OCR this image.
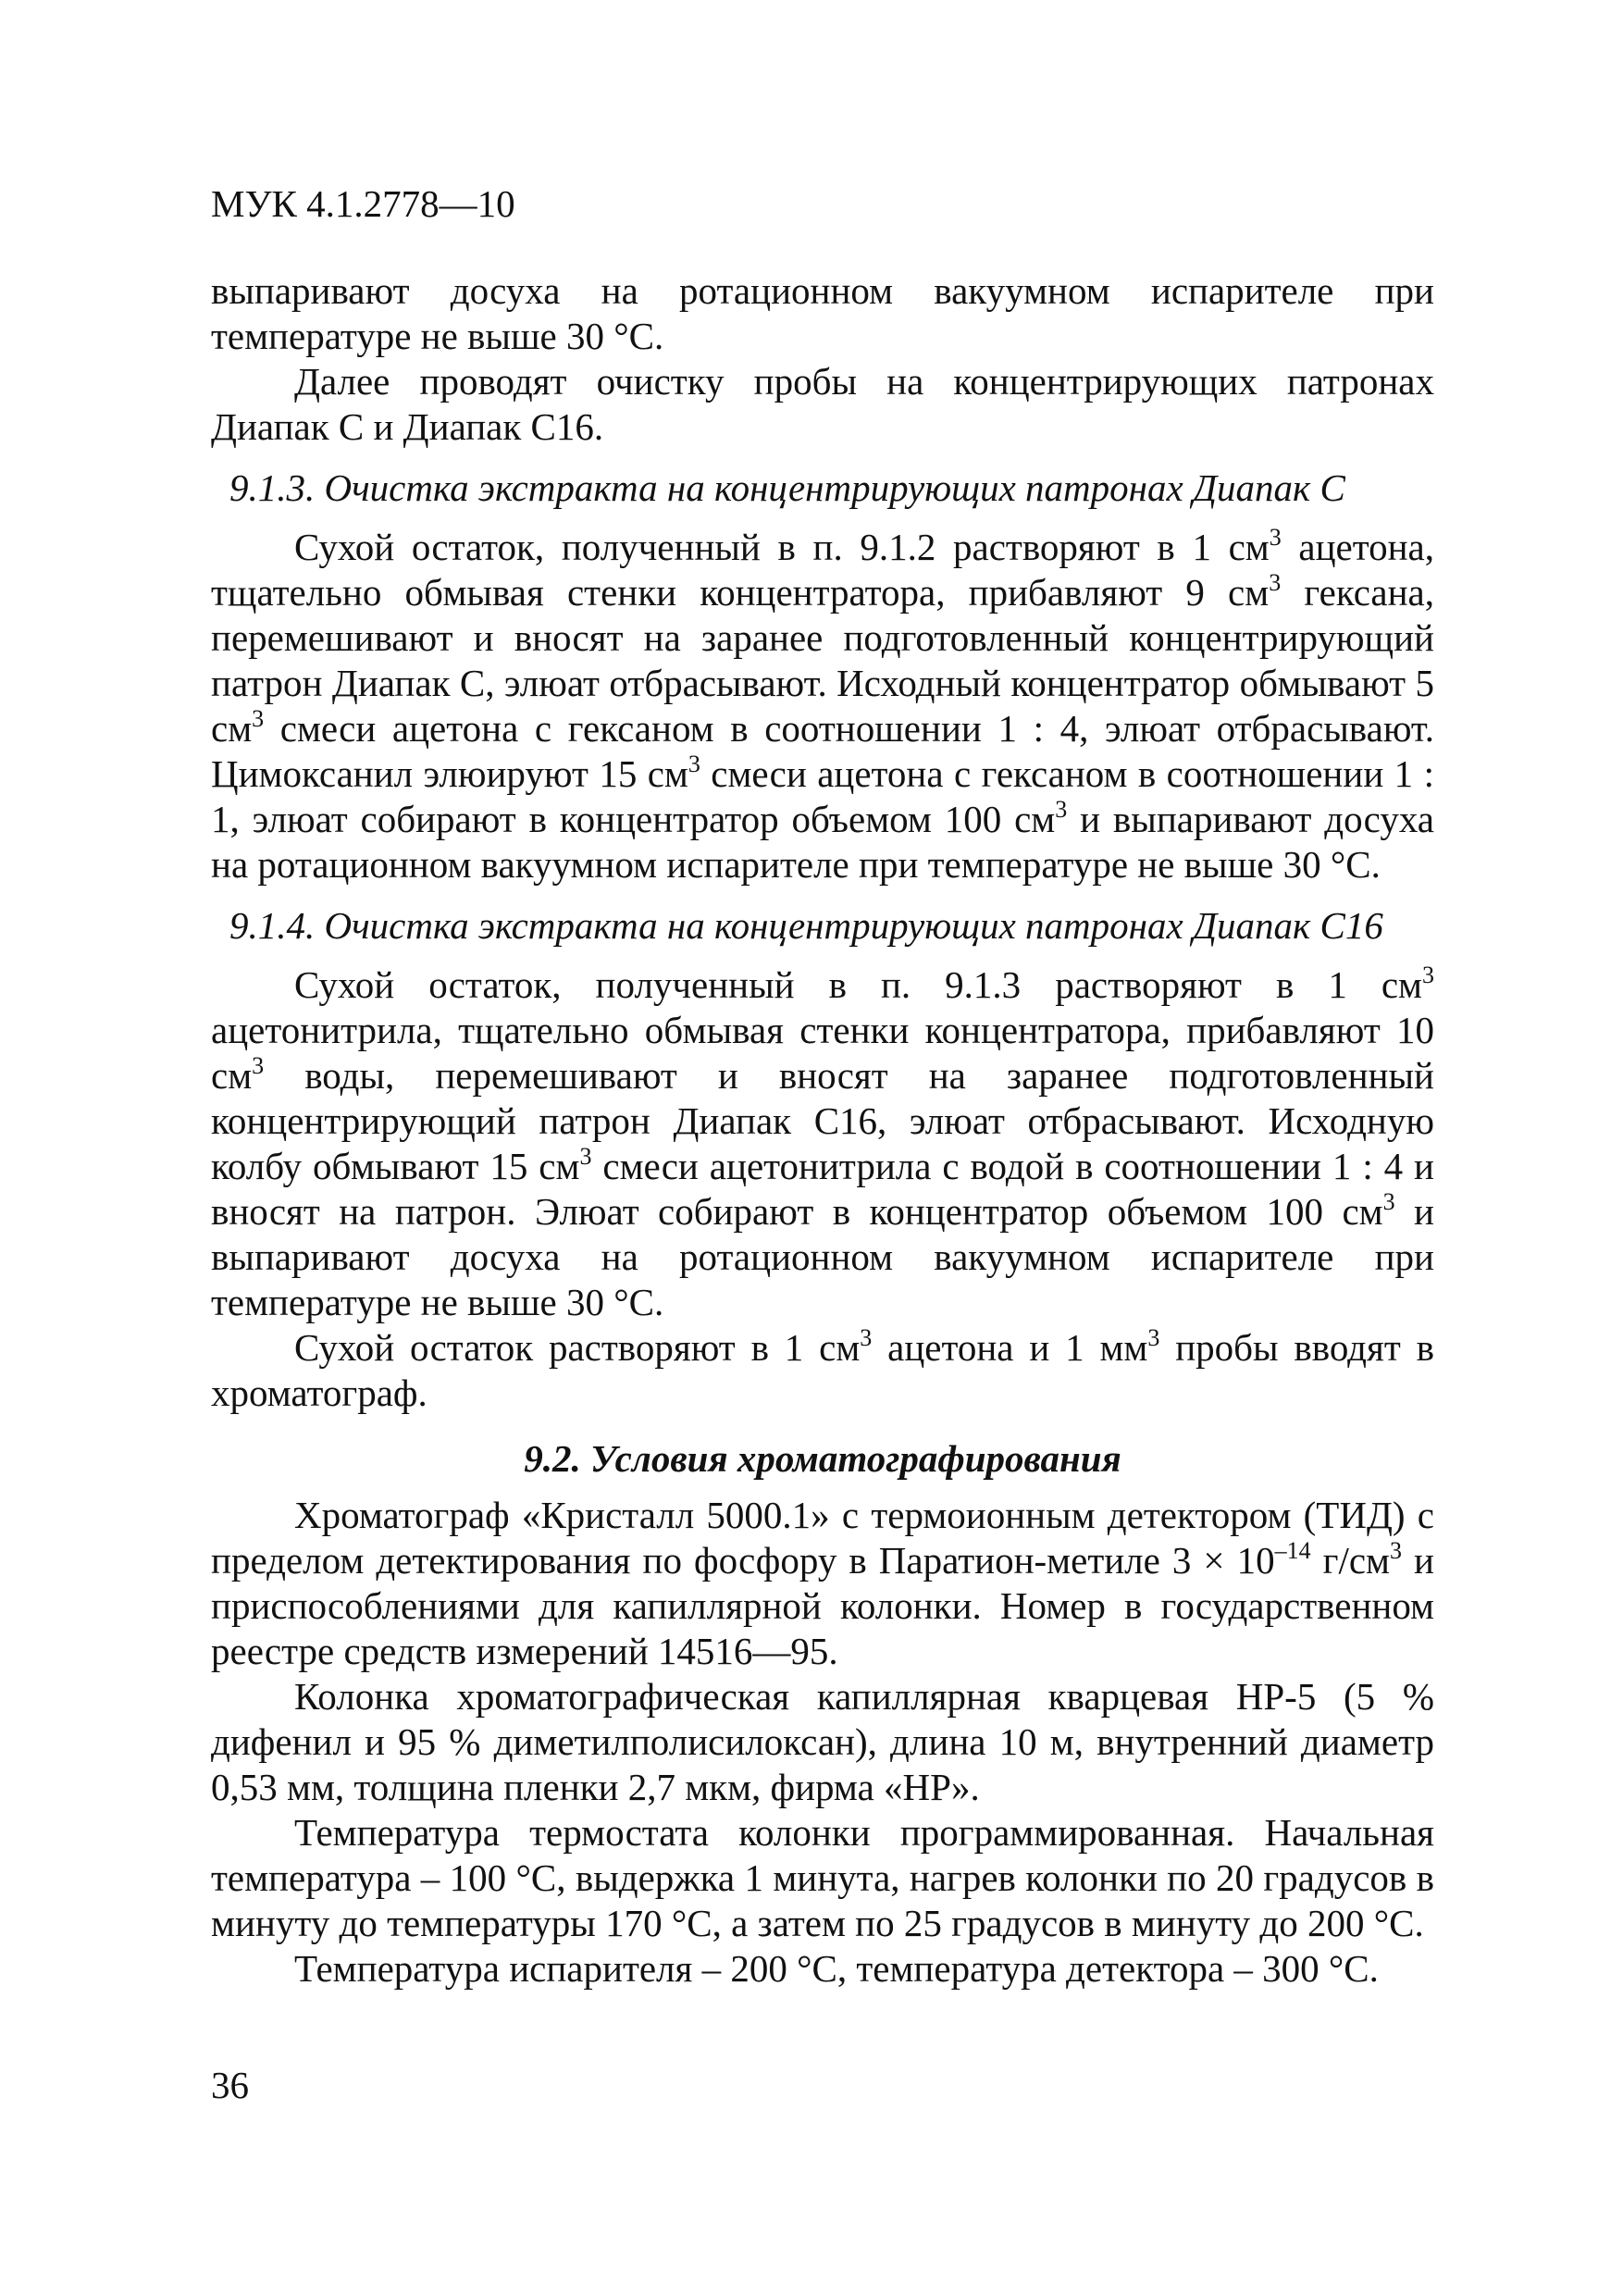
МУК 4.1.2778—10

выпаривают досуха на ротационном вакуумном испарителе при температуре не выше 30 °С.

Далее проводят очистку пробы на концентрирующих патронах Диапак С и Диапак С16.

9.1.3. Очистка экстракта на концентрирующих патронах Диапак С

Сухой остаток, полученный в п. 9.1.2 растворяют в 1 $см^3$ ацетона, тщательно обмывая стенки концентратора, прибавляют 9 $см^3$ гексана, перемешивают и вносят на заранее подготовленный концентрирующий патрон Диапак С, элюат отбрасывают. Исходный концентратор обмывают 5 $см^3$ смеси ацетона с гексаном в соотношении 1 : 4, элюат отбрасывают. Цимоксанил элюируют 15 $см^3$ смеси ацетона с гексаном в соотношении 1 : 1, элюат собирают в концентратор объемом 100 $см^3$ и выпаривают досуха на ротационном вакуумном испарителе при температуре не выше 30 °С.

9.1.4. Очистка экстракта на концентрирующих патронах Диапак С16

Сухой остаток, полученный в п. 9.1.3 растворяют в 1 $см^3$ ацетонитрила, тщательно обмывая стенки концентратора, прибавляют 10 $см^3$ воды, перемешивают и вносят на заранее подготовленный концентрирующий патрон Диапак С16, элюат отбрасывают. Исходную колбу обмывают 15 $см^3$ смеси ацетонитрила с водой в соотношении 1 : 4 и вносят на патрон. Элюат собирают в концентратор объемом 100 $см^3$ и выпаривают досуха на ротационном вакуумном испарителе при температуре не выше 30 °С.

Сухой остаток растворяют в 1 $см^3$ ацетона и 1 $мм^3$ пробы вводят в хроматограф.

9.2. Условия хроматографирования

Хроматограф «Кристалл 5000.1» с термоионным детектором (ТИД) с пределом детектирования по фосфору в Паратион-метиле $3 \times 10^{-14}$ $г/см^3$ и приспособлениями для капиллярной колонки. Номер в государственном реестре средств измерений 14516—95.

Колонка хроматографическая капиллярная кварцевая HP-5 (5 % дифенил и 95 % диметилполисилоксан), длина 10 м, внутренний диаметр 0,53 мм, толщина пленки 2,7 мкм, фирма «HP».

Температура термостата колонки программированная. Начальная температура – 100 °С, выдержка 1 минута, нагрев колонки по 20 градусов в минуту до температуры 170 °С, а затем по 25 градусов в минуту до 200 °С.

Температура испарителя – 200 °С, температура детектора – 300 °С.

36
